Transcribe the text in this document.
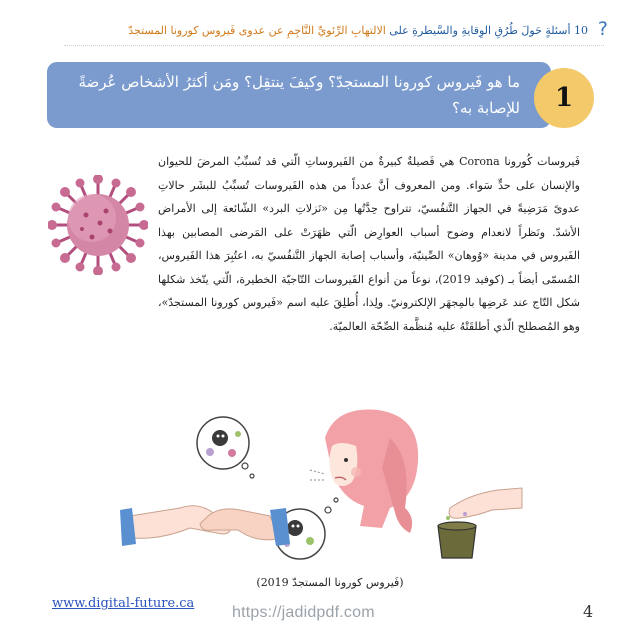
?
10 أسئلةٍ حَولَ طُرُقِ الوِقايةِ والسَّيطرةِ على الالتهابِ الرِّئويِّ النَّاجِمِ عن عدوى فَيروس كورونا المستجدّ
ما هو فَيروس كورونا المستجدّ؟ وكيفَ ينتقِل؟ ومَن أكثرُ الأشخاص عُرضةً للإصابة به؟	1
فَيروسات كُورونا Corona هي فَصيلةٌ كبيرةٌ من الفَيروساتِ الّتي قد تُسبِّبُ المرضَ للحيوان والإنسان على حدٍّ سَواء. ومن المعروف أنَّ عدداً من هذه الفَيروسات تُسبِّبُ للبشَر حالاتِ عدوىً مَرَضِيةً في الجهاز التَّنفُسيّ، تتراوح حِدَّتُها مِن «نَزلاتِ البرد» الشّائعة إلى الأمراض الأشدّ. ونَظراً لانعدام وضوح أسباب العوارِض الّتي ظهَرَتْ على المَرضى المصابين بهذا الفَيروس في مدينة «وُوهان» الصِّينيّة، وأسباب إصابة الجهاز التَّنفُسيّ به، اعتُبِرَ هذا الفَيروس، المُسمّى أيضاً بـ (كوفيد 2019)، نوعاً من أنواع الفَيروسات التّاجيّة الخطيرة، الّتي يتّخذ شكلها شكل التّاج عند عَرضِها بالمِجهَر الإلكترونيّ. ولِذا، أُطلِقَ عليه اسم «فَيروس كورونا المستجدّ»، وهو المُصطلح الّذي أطلقَتْهُ عليه مُنظَّمة الصِّحّة العالميّة.
(فَيروس كورونا المستجدّ 2019)
www.digital-future.ca
https://jadidpdf.com	4
